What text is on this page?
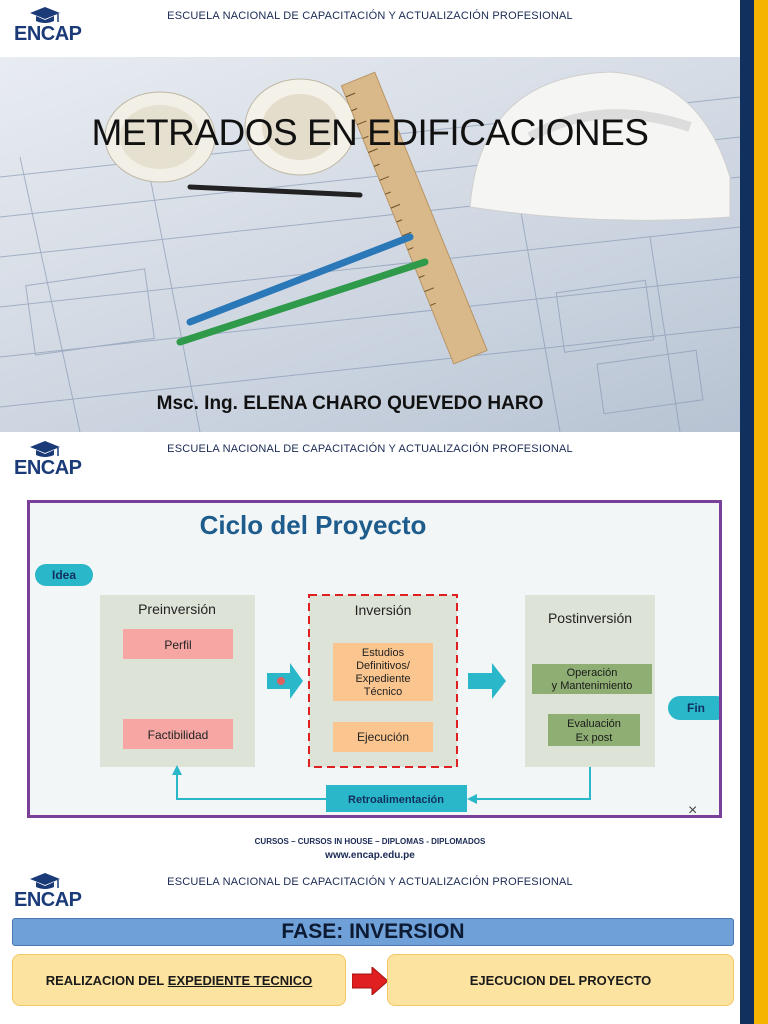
ENCAP
ESCUELA NACIONAL DE CAPACITACIÓN Y ACTUALIZACIÓN PROFESIONAL
METRADOS EN EDIFICACIONES
Msc. Ing. ELENA CHARO QUEVEDO HARO
ENCAP
ESCUELA NACIONAL DE CAPACITACIÓN Y ACTUALIZACIÓN PROFESIONAL
Ciclo del Proyecto
Idea
Preinversión
Perfil
Factibilidad
Inversión
Estudios
Definitivos/
Expediente
Técnico
Ejecución
Postinversión
Operación
y Mantenimiento
Evaluación
Ex post
Fin
Retroalimentación
×
CURSOS – CURSOS IN HOUSE – DIPLOMAS - DIPLOMADOS
www.encap.edu.pe
ENCAP
ESCUELA NACIONAL DE CAPACITACIÓN Y ACTUALIZACIÓN PROFESIONAL
FASE: INVERSION
REALIZACION DEL
EXPEDIENTE TECNICO	EJECUCION DEL PROYECTO
